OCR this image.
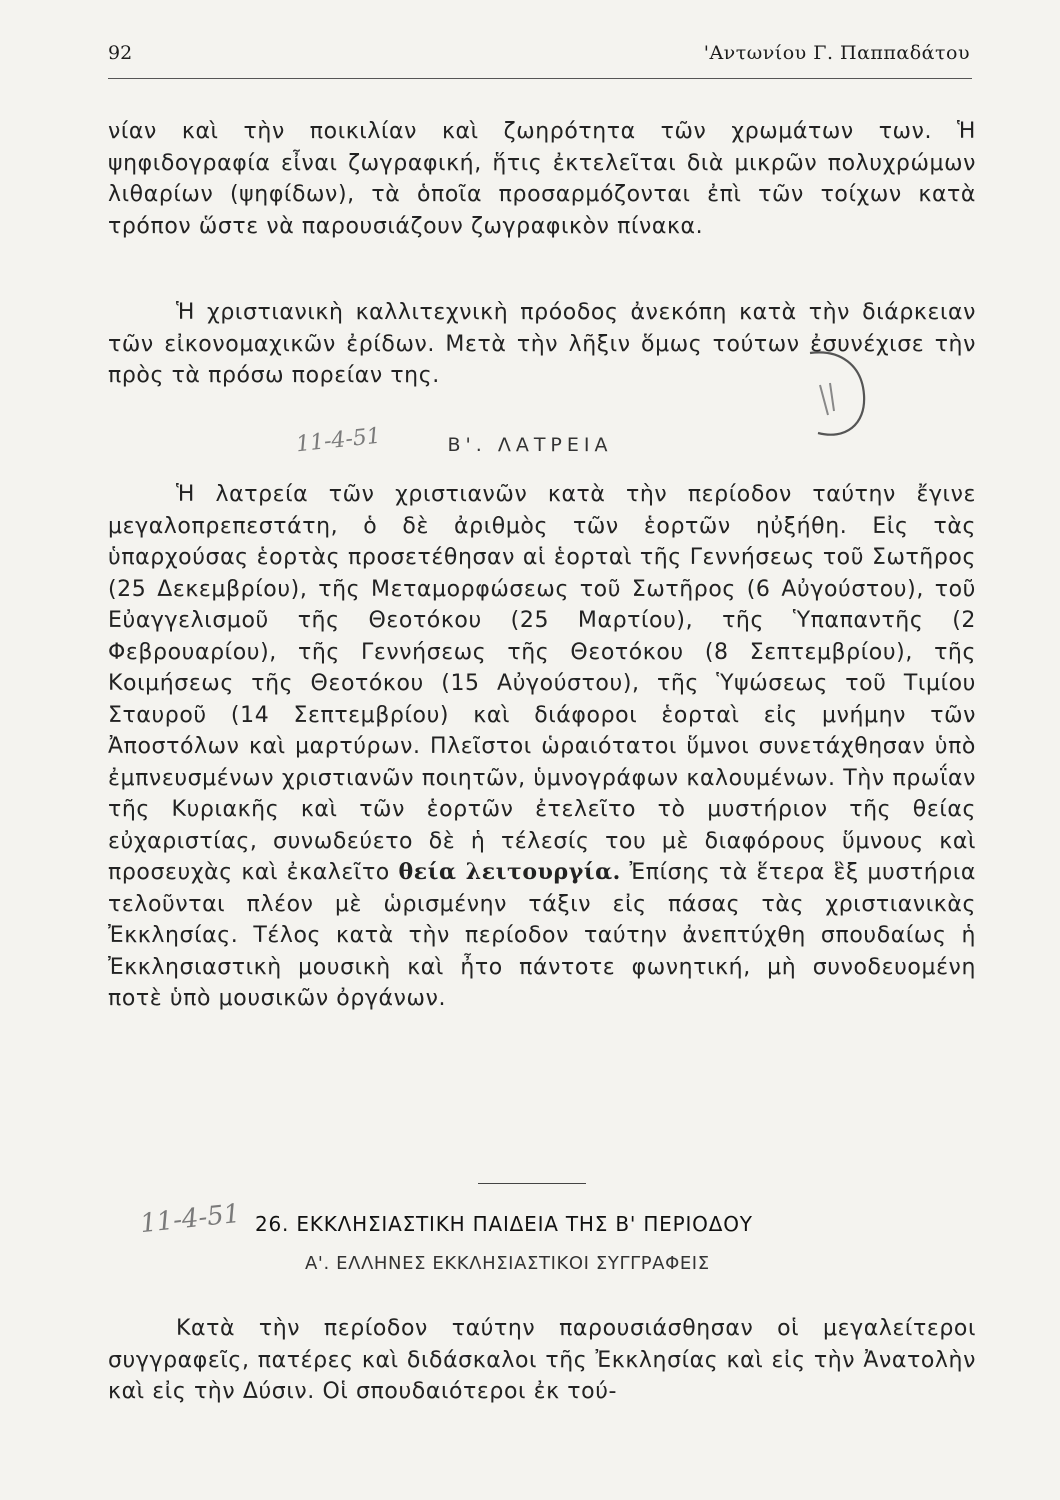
92	'Αντωνίου Γ. Παππαδάτου

νίαν καὶ τὴν ποικιλίαν καὶ ζωηρότητα τῶν χρωμάτων των. Ἡ ψηφιδογραφία εἶναι ζωγραφική, ἥτις ἐκτελεῖται διὰ μικρῶν πολυχρώμων λιθαρίων (ψηφίδων), τὰ ὁποῖα προσαρμόζονται ἐπὶ τῶν τοίχων κατὰ τρόπον ὥστε νὰ παρουσιάζουν ζωγραφικὸν πίνακα.

Ἡ χριστιανικὴ καλλιτεχνικὴ πρόοδος ἀνεκόπη κατὰ τὴν διάρκειαν τῶν εἰκονομαχικῶν ἐρίδων. Μετὰ τὴν λῆξιν ὅμως τούτων ἐσυνέχισε τὴν πρὸς τὰ πρόσω πορείαν της.

Β'. ΛΑΤΡΕΙΑ

Ἡ λατρεία τῶν χριστιανῶν κατὰ τὴν περίοδον ταύτην ἔγινε μεγαλοπρεπεστάτη, ὁ δὲ ἀριθμὸς τῶν ἑορτῶν ηὐξήθη. Εἰς τὰς ὑπαρχούσας ἑορτὰς προσετέθησαν αἱ ἑορταὶ τῆς Γεννήσεως τοῦ Σωτῆρος (25 Δεκεμβρίου), τῆς Μεταμορφώσεως τοῦ Σωτῆρος (6 Αὐγούστου), τοῦ Εὐαγγελισμοῦ τῆς Θεοτόκου (25 Μαρτίου), τῆς Ὑπαπαντῆς (2 Φεβρουαρίου), τῆς Γεννήσεως τῆς Θεοτόκου (8 Σεπτεμβρίου), τῆς Κοιμήσεως τῆς Θεοτόκου (15 Αὐγούστου), τῆς Ὑψώσεως τοῦ Τιμίου Σταυροῦ (14 Σεπτεμβρίου) καὶ διάφοροι ἑορταὶ εἰς μνήμην τῶν Ἀποστόλων καὶ μαρτύρων. Πλεῖστοι ὡραιότατοι ὕμνοι συνετάχθησαν ὑπὸ ἐμπνευσμένων χριστιανῶν ποιητῶν, ὑμνογράφων καλουμένων. Τὴν πρωΐαν τῆς Κυριακῆς καὶ τῶν ἑορτῶν ἐτελεῖτο τὸ μυστήριον τῆς θείας εὐχαριστίας, συνωδεύετο δὲ ἡ τέλεσίς του μὲ διαφόρους ὕμνους καὶ προσευχὰς καὶ ἐκαλεῖτο θεία λειτουργία. Ἐπίσης τὰ ἕτερα ἓξ μυστήρια τελοῦνται πλέον μὲ ὡρισμένην τάξιν εἰς πάσας τὰς χριστιανικὰς Ἐκκλησίας. Τέλος κατὰ τὴν περίοδον ταύτην ἀνεπτύχθη σπουδαίως ἡ Ἐκκλησιαστικὴ μουσικὴ καὶ ἦτο πάντοτε φωνητική, μὴ συνοδευομένη ποτὲ ὑπὸ μουσικῶν ὀργάνων.

26. ΕΚΚΛΗΣΙΑΣΤΙΚΗ ΠΑΙΔΕΙΑ ΤΗΣ Β' ΠΕΡΙΟΔΟΥ
Α'. ΕΛΛΗΝΕΣ ΕΚΚΛΗΣΙΑΣΤΙΚΟΙ ΣΥΓΓΡΑΦΕΙΣ

Κατὰ τὴν περίοδον ταύτην παρουσιάσθησαν οἱ μεγαλείτεροι συγγραφεῖς, πατέρες καὶ διδάσκαλοι τῆς Ἐκκλησίας καὶ εἰς τὴν Ἀνατολὴν καὶ εἰς τὴν Δύσιν. Οἱ σπουδαιότεροι ἐκ τού-

11-4-51
11-4-51
